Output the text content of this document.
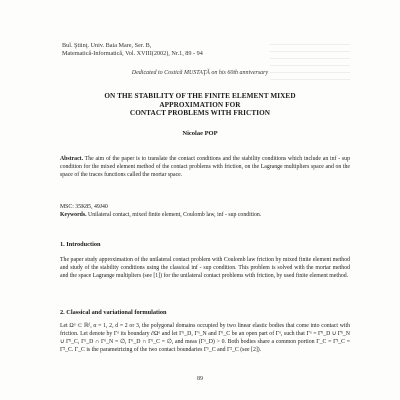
________________________________
________________________________
________________________________
________________________________
________________________________
________________________________
Bul. Ştiinţ. Univ. Baia Mare, Ser. B,
Matematică-Informatică, Vol. XVIII(2002), Nr.1, 89 - 94
Dedicated to Costică MUSTAŢĂ on his 60th anniversary
ON THE STABILITY OF THE FINITE ELEMENT MIXED
APPROXIMATION FOR
CONTACT PROBLEMS WITH FRICTION
Nicolae POP
Abstract. The aim of the paper is to translate the contact conditions and the stability conditions which include an inf - sup condition for the mixed element method of the contact problems with friction, on the Lagrange multipliers space and on the space of the traces functions called the mortar space.
MSC: 35K85, 49J40
Keywords. Unilateral contact, mixed finite element, Coulomb law, inf - sup condition.
1. Introduction
The paper study approximation of the unilateral contact problem with Coulomb law friction by mixed finite element method and study of the stability conditions using the classical inf - sup condition. This problem is solved with the mortar method and the space Lagrange multipliers (see [1]) for the unilateral contact problems with friction, by used finite element method.
2. Classical and variational formulation
Let Ωᵅ ⊂ ℝᵈ, α = 1, 2, d = 2 or 3, the polygonal domains occupied by two linear elastic bodies that come into contact with friction. Let denote by Γᵅ its boundary ∂Ωᵅ and let Γᵅ_D, Γᵅ_N and Γᵅ_C be an open part of Γᵅ, such that Γᵅ = Γ̄ᵅ_D ∪ Γ̄ᵅ_N ∪ Γ̄ᵅ_C, Γᵅ_D ∩ Γᵅ_N = ∅, Γᵅ_D ∩ Γᵅ_C = ∅, and meas (Γᵅ_D) > 0. Both bodies share a common portion Γ_C = Γ̄¹_C = Γ̄²_C. Γ_C is the parametrizing of the two contact boundaries Γ¹_C and Γ²_C (see [2]).
89
